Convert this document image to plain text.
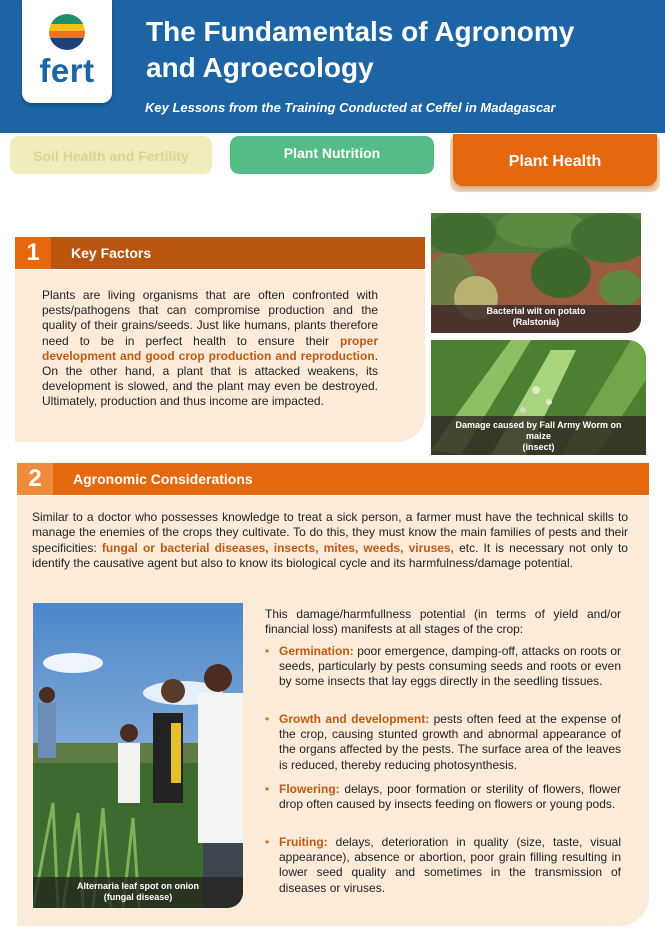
fert
The Fundamentals of Agronomy
and Agroecology
Key Lessons from the Training Conducted at Ceffel in Madagascar
Soil Health and Fertility	Plant Nutrition	Plant Health
1	Key Factors
Plants are living organisms that are often confronted with pests/pathogens that can compromise production and the quality of their grains/seeds. Just like humans, plants therefore need to be in perfect health to ensure their proper development and good crop production and reproduction. On the other hand, a plant that is attacked weakens, its development is slowed, and the plant may even be destroyed. Ultimately, production and thus income are impacted.
Bacterial wilt on potato
(Ralstonia)
Damage caused by Fall Army Worm on
maize
(insect)
2	Agronomic Considerations
Similar to a doctor who possesses knowledge to treat a sick person, a farmer must have the technical skills to manage the enemies of the crops they cultivate. To do this, they must know the main families of pests and their specificities: fungal or bacterial diseases, insects, mites, weeds, viruses, etc. It is necessary not only to identify the causative agent but also to know its biological cycle and its harmfulness/damage potential.
Alternaria leaf spot on onion
(fungal disease)
This damage/harmfullness potential (in terms of yield and/or financial loss) manifests at all stages of the crop:
• Germination: poor emergence, damping-off, attacks on roots or seeds, particularly by pests consuming seeds and roots or even by some insects that lay eggs directly in the seedling tissues.
• Growth and development: pests often feed at the expense of the crop, causing stunted growth and abnormal appearance of the organs affected by the pests. The surface area of the leaves is reduced, thereby reducing photosynthesis.
• Flowering: delays, poor formation or sterility of flowers, flower drop often caused by insects feeding on flowers or young pods.
• Fruiting: delays, deterioration in quality (size, taste, visual appearance), absence or abortion, poor grain filling resulting in lower seed quality and sometimes in the transmission of diseases or viruses.
